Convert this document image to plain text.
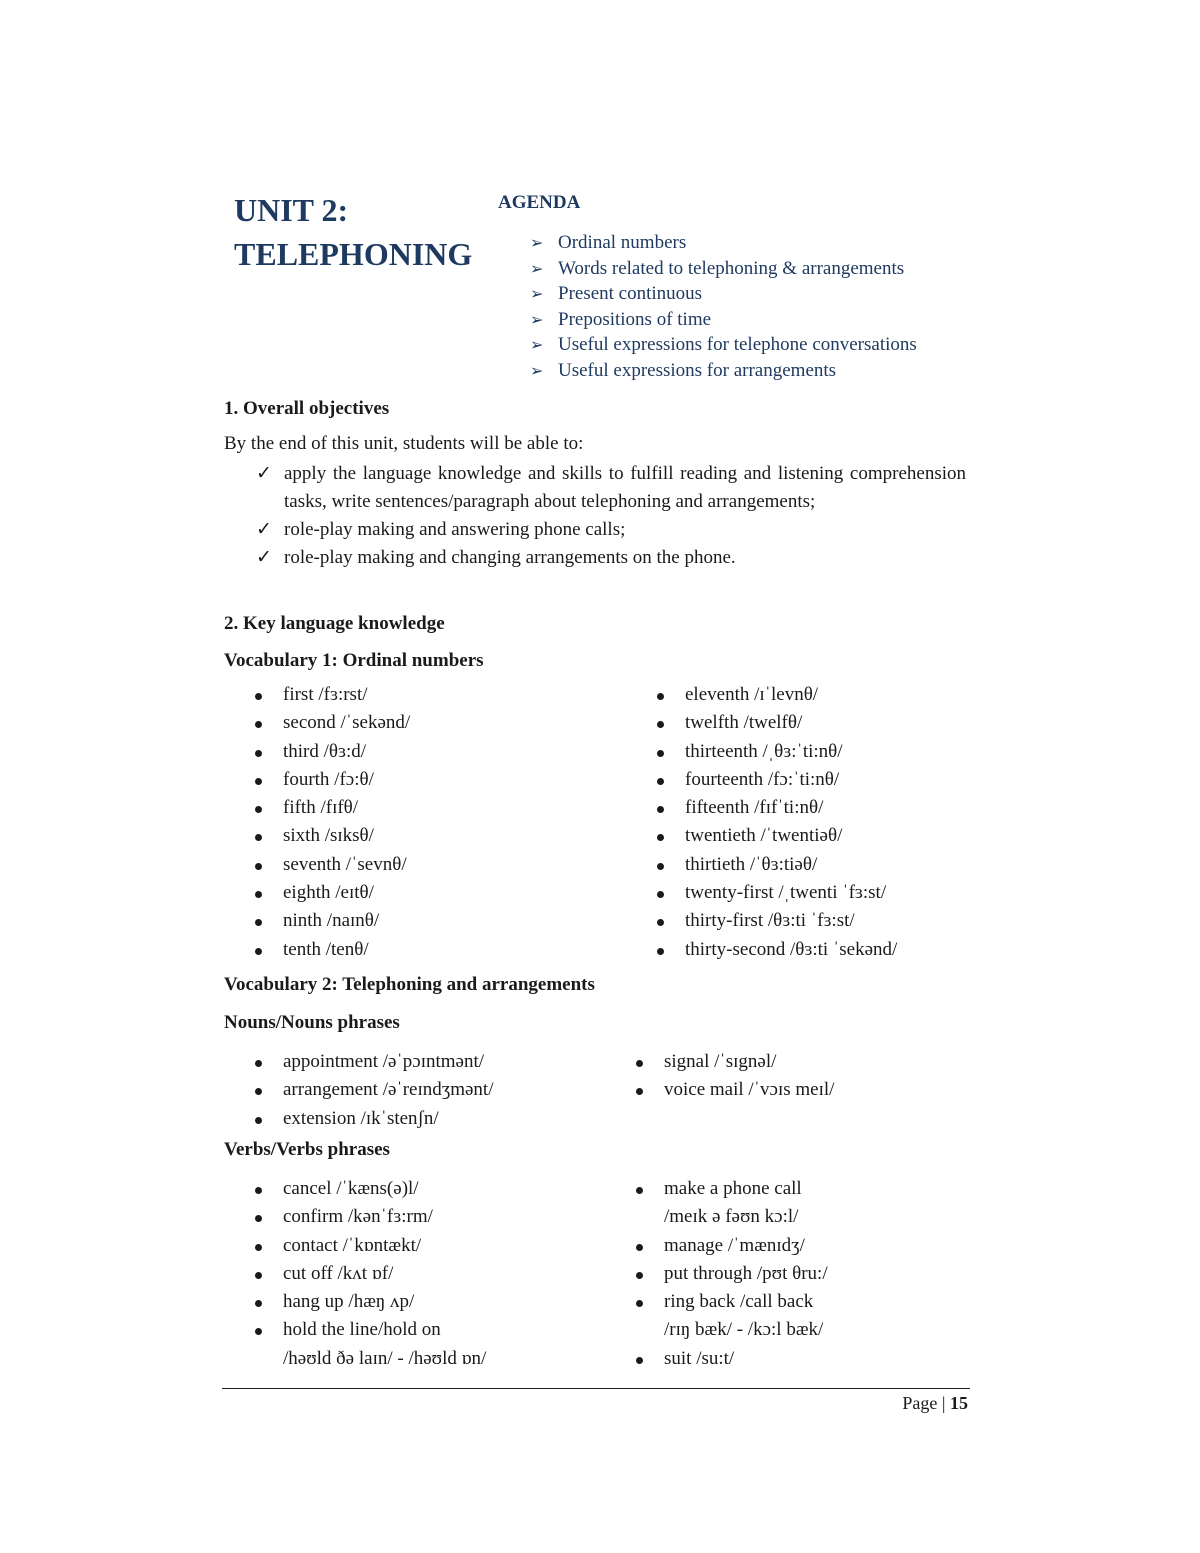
UNIT 2:
TELEPHONING
AGENDA
➢ Ordinal numbers
➢ Words related to telephoning & arrangements
➢ Present continuous
➢ Prepositions of time
➢ Useful expressions for telephone conversations
➢ Useful expressions for arrangements
1. Overall objectives
By the end of this unit, students will be able to:
✓ apply the language knowledge and skills to fulfill reading and listening comprehension tasks, write sentences/paragraph about telephoning and arrangements;
✓ role-play making and answering phone calls;
✓ role-play making and changing arrangements on the phone.
2. Key language knowledge
Vocabulary 1: Ordinal numbers
first /fɜ:rst/
second /ˈsekənd/
third /θɜ:d/
fourth /fɔ:θ/
fifth /fɪfθ/
sixth /sɪksθ/
seventh /ˈsevnθ/
eighth /eɪtθ/
ninth /naɪnθ/
tenth /tenθ/
eleventh /ɪˈlevnθ/
twelfth /twelfθ/
thirteenth /ˌθɜ:ˈti:nθ/
fourteenth /fɔ:ˈti:nθ/
fifteenth /fɪfˈti:nθ/
twentieth /ˈtwentiəθ/
thirtieth /ˈθɜ:tiəθ/
twenty-first /ˌtwenti ˈfɜ:st/
thirty-first /θɜ:ti ˈfɜ:st/
thirty-second /θɜ:ti ˈsekənd/
Vocabulary 2: Telephoning and arrangements
Nouns/Nouns phrases
appointment /əˈpɔɪntmənt/
arrangement /əˈreɪndʒmənt/
extension /ɪkˈstenʃn/
signal /ˈsɪgnəl/
voice mail /ˈvɔɪs meɪl/
Verbs/Verbs phrases
cancel /ˈkæns(ə)l/
confirm /kənˈfɜ:rm/
contact /ˈkɒntækt/
cut off /kʌt ɒf/
hang up /hæŋ ʌp/
hold the line/hold on
/həʊld ðə laɪn/ - /həʊld ɒn/
make a phone call
/meɪk ə fəʊn kɔ:l/
manage /ˈmænɪdʒ/
put through /pʊt θru:/
ring back /call back
/rɪŋ bæk/ - /kɔ:l bæk/
suit /su:t/
Page | 15
